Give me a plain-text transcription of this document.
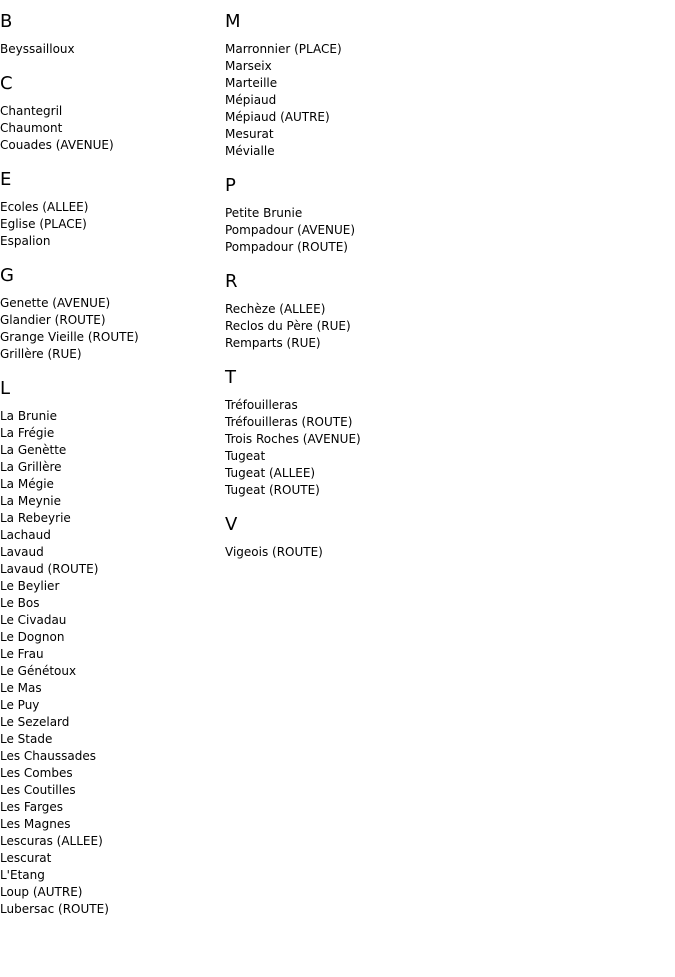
B
Beyssailloux
C
Chantegril
Chaumont
Couades (AVENUE)
E
Ecoles (ALLEE)
Eglise (PLACE)
Espalion
G
Genette (AVENUE)
Glandier (ROUTE)
Grange Vieille (ROUTE)
Grillère (RUE)
L
La Brunie
La Frégie
La Genètte
La Grillère
La Mégie
La Meynie
La Rebeyrie
Lachaud
Lavaud
Lavaud (ROUTE)
Le Beylier
Le Bos
Le Civadau
Le Dognon
Le Frau
Le Génétoux
Le Mas
Le Puy
Le Sezelard
Le Stade
Les Chaussades
Les Combes
Les Coutilles
Les Farges
Les Magnes
Lescuras (ALLEE)
Lescurat
L'Etang
Loup (AUTRE)
Lubersac (ROUTE)
M
Marronnier (PLACE)
Marseix
Marteille
Mépiaud
Mépiaud (AUTRE)
Mesurat
Mévialle
P
Petite Brunie
Pompadour (AVENUE)
Pompadour (ROUTE)
R
Rechèze (ALLEE)
Reclos du Père (RUE)
Remparts (RUE)
T
Tréfouilleras
Tréfouilleras (ROUTE)
Trois Roches (AVENUE)
Tugeat
Tugeat (ALLEE)
Tugeat (ROUTE)
V
Vigeois (ROUTE)
